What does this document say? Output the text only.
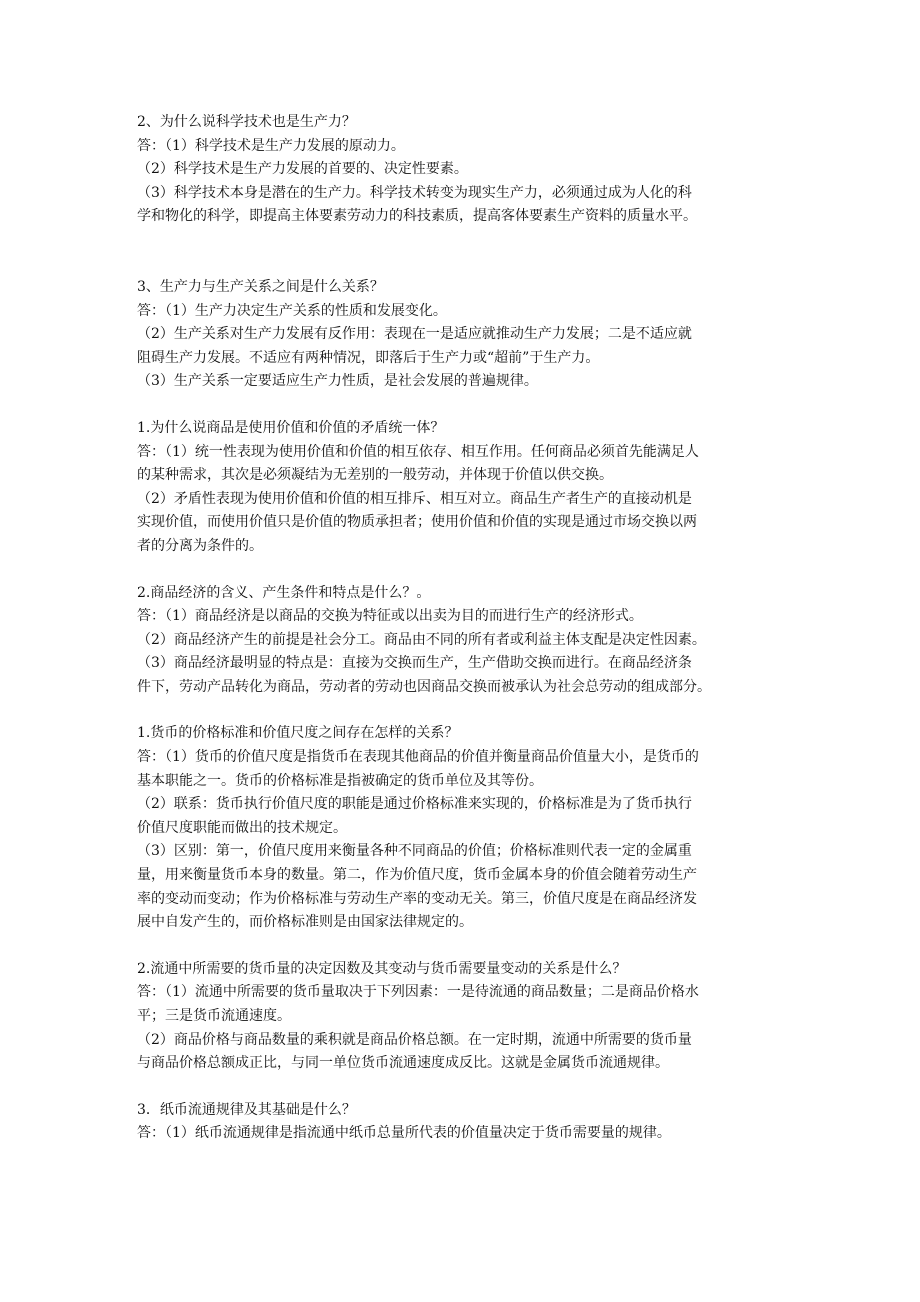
2、为什么说科学技术也是生产力？
答：（1）科学技术是生产力发展的原动力。
（2）科学技术是生产力发展的首要的、决定性要素。
（3）科学技术本身是潜在的生产力。科学技术转变为现实生产力，必须通过成为人化的科
学和物化的科学，即提高主体要素劳动力的科技素质，提高客体要素生产资料的质量水平。
3、生产力与生产关系之间是什么关系？
答：（1）生产力决定生产关系的性质和发展变化。
（2）生产关系对生产力发展有反作用：表现在一是适应就推动生产力发展；二是不适应就
阻碍生产力发展。不适应有两种情况，即落后于生产力或“超前”于生产力。
（3）生产关系一定要适应生产力性质，是社会发展的普遍规律。
1.为什么说商品是使用价值和价值的矛盾统一体？
答：（1）统一性表现为使用价值和价值的相互依存、相互作用。任何商品必须首先能满足人
的某种需求，其次是必须凝结为无差别的一般劳动，并体现于价值以供交换。
（2）矛盾性表现为使用价值和价值的相互排斥、相互对立。商品生产者生产的直接动机是
实现价值，而使用价值只是价值的物质承担者；使用价值和价值的实现是通过市场交换以两
者的分离为条件的。
2.商品经济的含义、产生条件和特点是什么？。
答：（1）商品经济是以商品的交换为特征或以出卖为目的而进行生产的经济形式。
（2）商品经济产生的前提是社会分工。商品由不同的所有者或利益主体支配是决定性因素。
（3）商品经济最明显的特点是：直接为交换而生产，生产借助交换而进行。在商品经济条
件下，劳动产品转化为商品，劳动者的劳动也因商品交换而被承认为社会总劳动的组成部分。
1.货币的价格标准和价值尺度之间存在怎样的关系？
答：（1）货币的价值尺度是指货币在表现其他商品的价值并衡量商品价值量大小，是货币的
基本职能之一。货币的价格标准是指被确定的货币单位及其等份。
（2）联系：货币执行价值尺度的职能是通过价格标准来实现的，价格标准是为了货币执行
价值尺度职能而做出的技术规定。
（3）区别：第一，价值尺度用来衡量各种不同商品的价值；价格标准则代表一定的金属重
量，用来衡量货币本身的数量。第二，作为价值尺度，货币金属本身的价值会随着劳动生产
率的变动而变动；作为价格标准与劳动生产率的变动无关。第三，价值尺度是在商品经济发
展中自发产生的，而价格标准则是由国家法律规定的。
2.流通中所需要的货币量的决定因数及其变动与货币需要量变动的关系是什么？
答：（1）流通中所需要的货币量取决于下列因素：一是待流通的商品数量；二是商品价格水
平；三是货币流通速度。
（2）商品价格与商品数量的乘积就是商品价格总额。在一定时期，流通中所需要的货币量
与商品价格总额成正比，与同一单位货币流通速度成反比。这就是金属货币流通规律。
3．纸币流通规律及其基础是什么？
答：（1）纸币流通规律是指流通中纸币总量所代表的价值量决定于货币需要量的规律。
